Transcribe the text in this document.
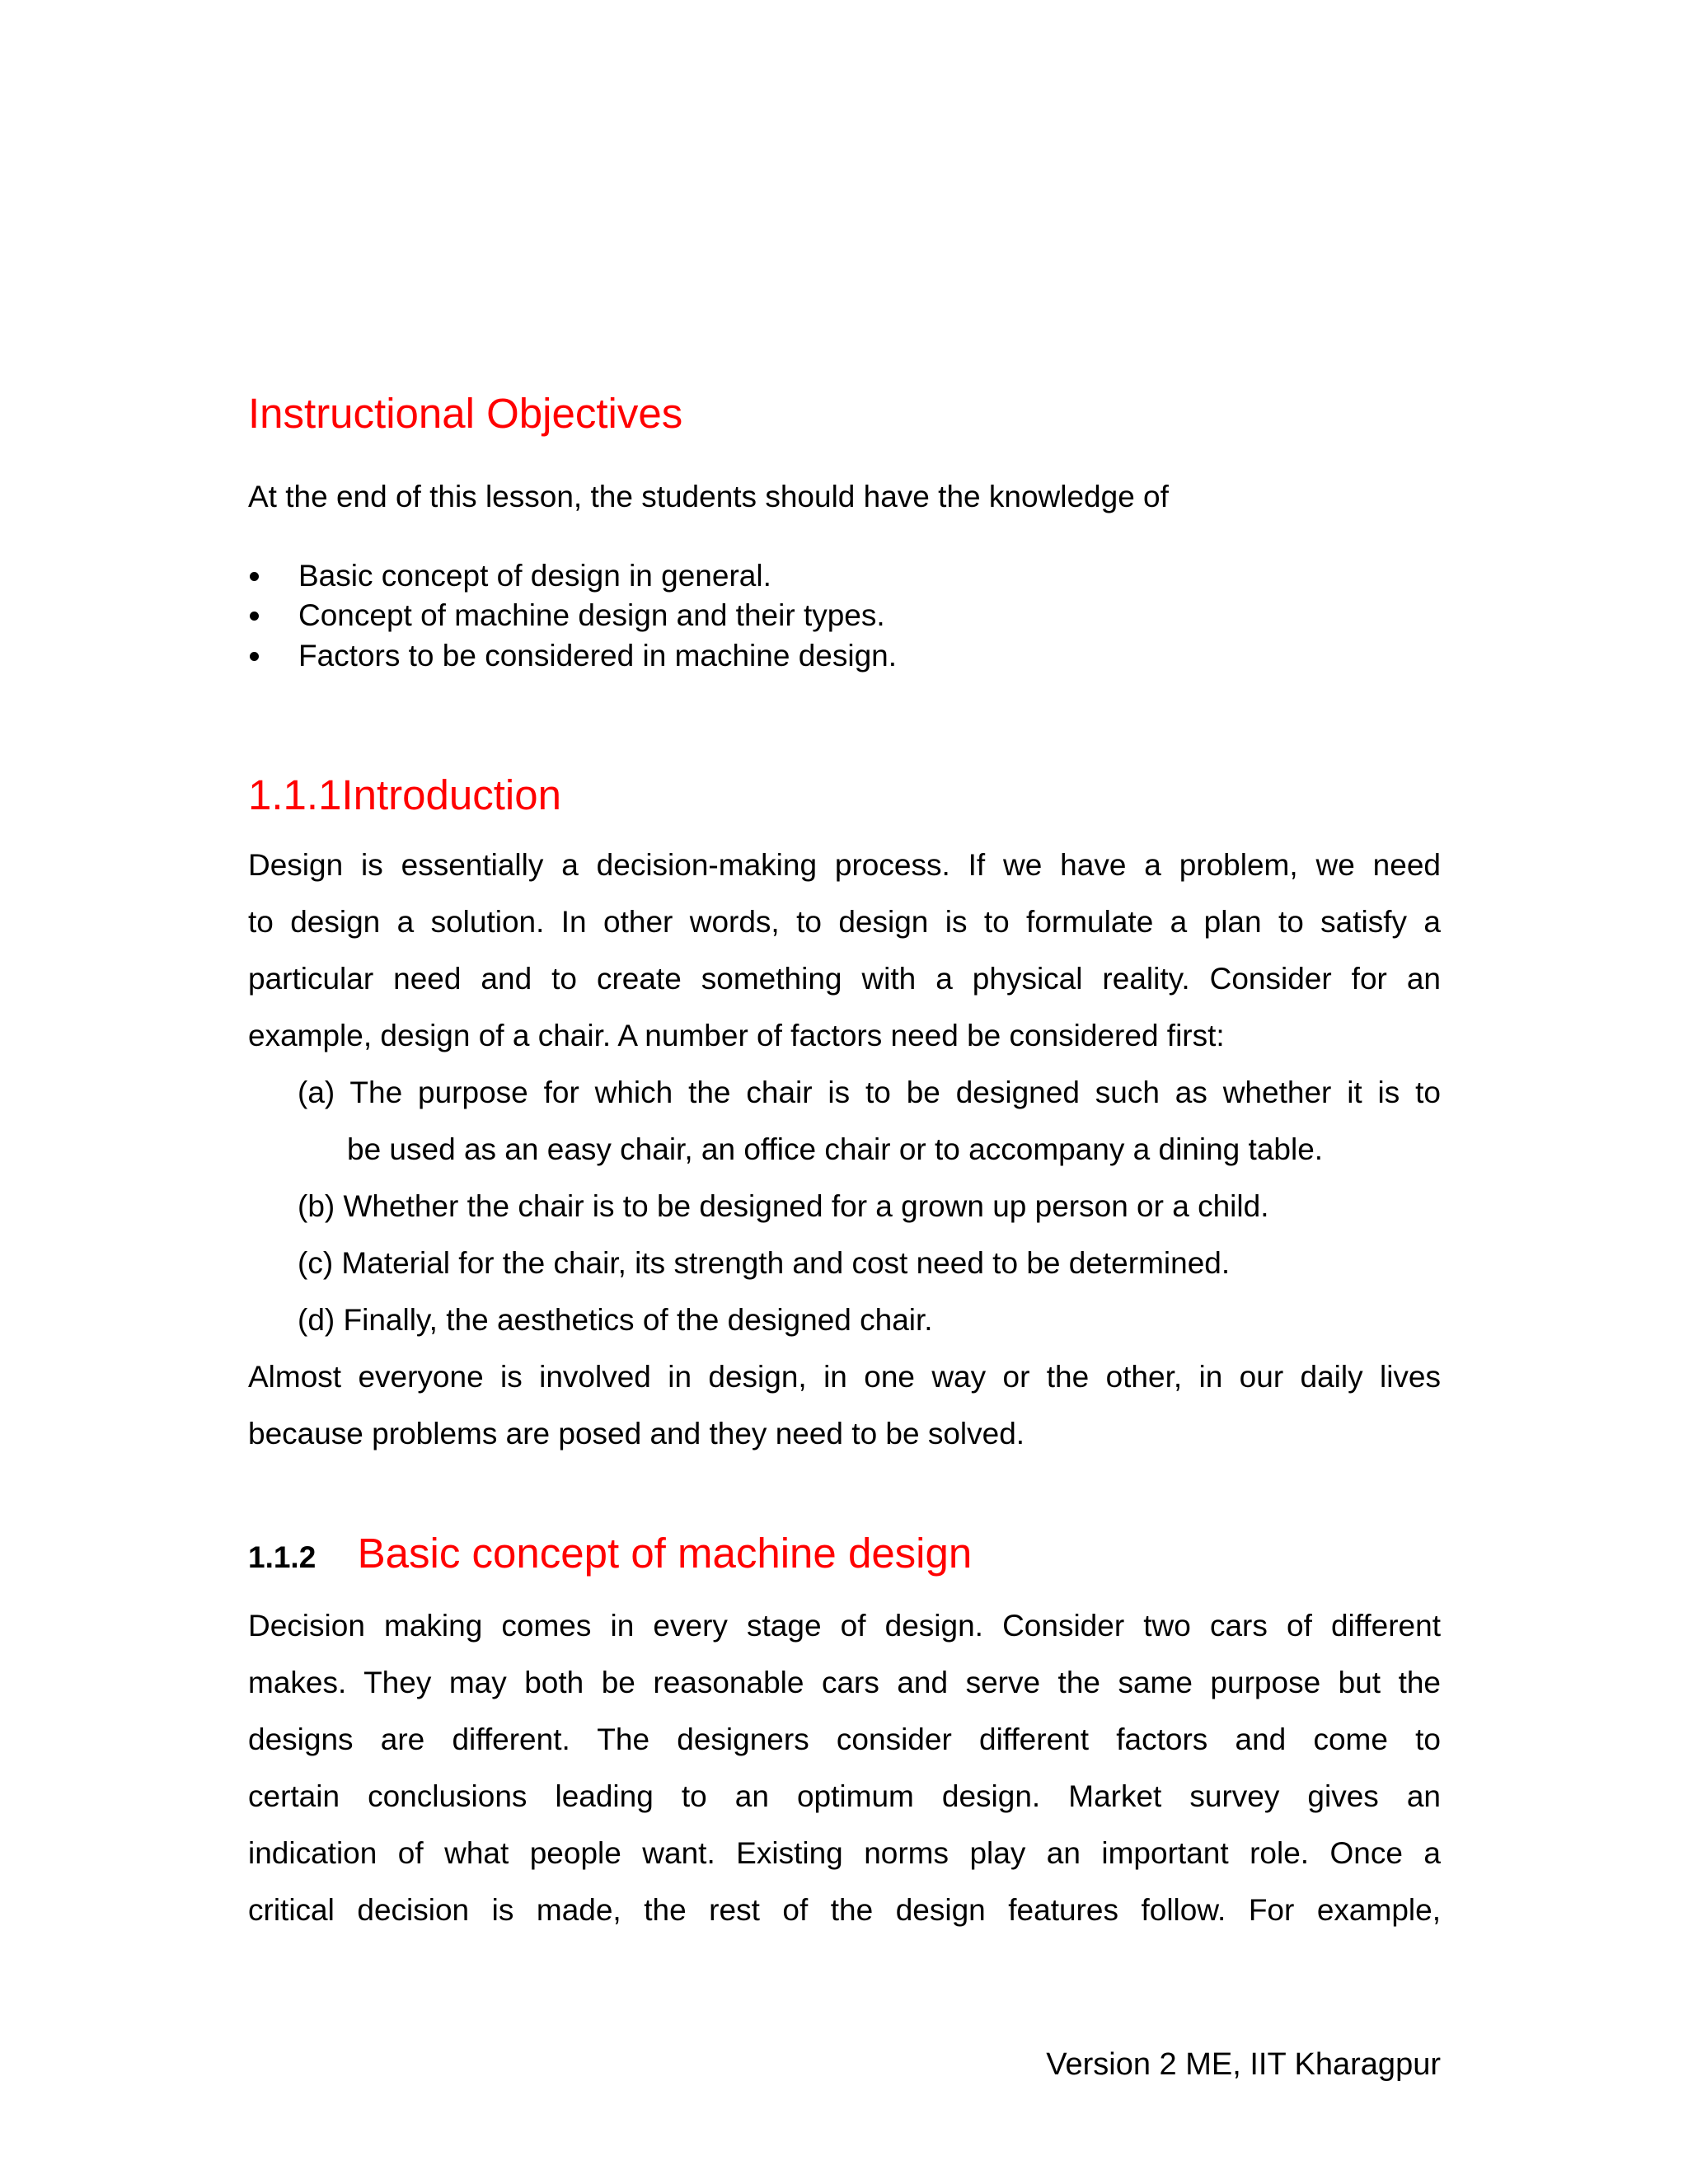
Instructional Objectives
At the end of this lesson, the students should have the knowledge of
Basic concept of design in general.
Concept of machine design and their types.
Factors to be considered in machine design.
1.1.1Introduction
Design is essentially a decision-making process. If we have a problem, we need
to design a solution. In other words, to design is to formulate a plan to satisfy a
particular need and to create something with a physical reality. Consider for an
example, design of a chair. A number of factors need be considered first:
(a) The purpose for which the chair is to be designed such as whether it is to
be used as an easy chair, an office chair or to accompany a dining table.
(b) Whether the chair is to be designed for a grown up person or a child.
(c) Material for the chair, its strength and cost need to be determined.
(d) Finally, the aesthetics of the designed chair.
Almost everyone is involved in design, in one way or the other, in our daily lives
because problems are posed and they need to be solved.
1.1.2 Basic concept of machine design
Decision making comes in every stage of design. Consider two cars of different
makes. They may both be reasonable cars and serve the same purpose but the
designs are different. The designers consider different factors and come to
certain conclusions leading to an optimum design. Market survey gives an
indication of what people want. Existing norms play an important role. Once a
critical decision is made, the rest of the design features follow. For example,
Version 2 ME, IIT Kharagpur
